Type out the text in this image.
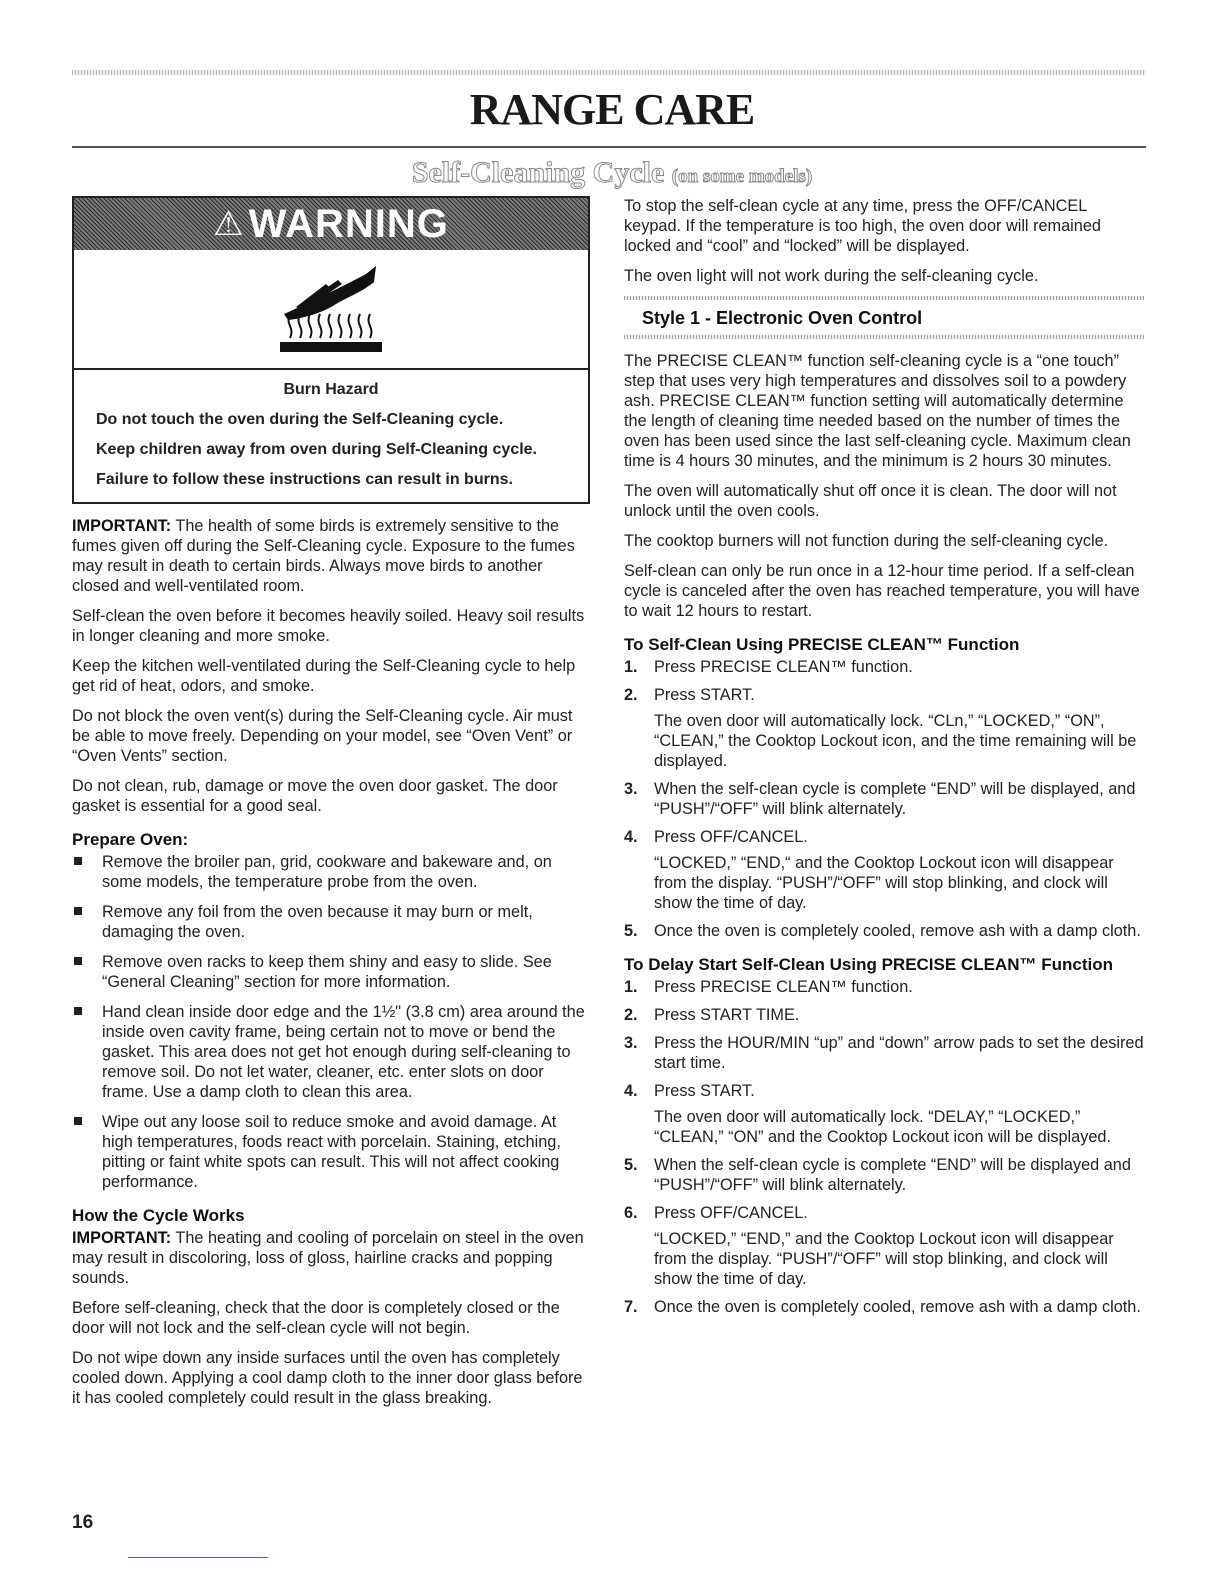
RANGE CARE
Self-Cleaning Cycle (on some models)
⚠ WARNING

Burn Hazard

Do not touch the oven during the Self-Cleaning cycle.

Keep children away from oven during Self-Cleaning cycle.

Failure to follow these instructions can result in burns.

IMPORTANT: The health of some birds is extremely sensitive to the fumes given off during the Self-Cleaning cycle. Exposure to the fumes may result in death to certain birds. Always move birds to another closed and well-ventilated room.

Self-clean the oven before it becomes heavily soiled. Heavy soil results in longer cleaning and more smoke.

Keep the kitchen well-ventilated during the Self-Cleaning cycle to help get rid of heat, odors, and smoke.

Do not block the oven vent(s) during the Self-Cleaning cycle. Air must be able to move freely. Depending on your model, see “Oven Vent” or “Oven Vents” section.

Do not clean, rub, damage or move the oven door gasket. The door gasket is essential for a good seal.

Prepare Oven:
Remove the broiler pan, grid, cookware and bakeware and, on some models, the temperature probe from the oven.
Remove any foil from the oven because it may burn or melt, damaging the oven.
Remove oven racks to keep them shiny and easy to slide. See “General Cleaning” section for more information.
Hand clean inside door edge and the 1½" (3.8 cm) area around the inside oven cavity frame, being certain not to move or bend the gasket. This area does not get hot enough during self-cleaning to remove soil. Do not let water, cleaner, etc. enter slots on door frame. Use a damp cloth to clean this area.
Wipe out any loose soil to reduce smoke and avoid damage. At high temperatures, foods react with porcelain. Staining, etching, pitting or faint white spots can result. This will not affect cooking performance.
How the Cycle Works

IMPORTANT: The heating and cooling of porcelain on steel in the oven may result in discoloring, loss of gloss, hairline cracks and popping sounds.

Before self-cleaning, check that the door is completely closed or the door will not lock and the self-clean cycle will not begin.

Do not wipe down any inside surfaces until the oven has completely cooled down. Applying a cool damp cloth to the inner door glass before it has cooled completely could result in the glass breaking.

To stop the self-clean cycle at any time, press the OFF/CANCEL keypad. If the temperature is too high, the oven door will remained locked and “cool” and “locked” will be displayed.

The oven light will not work during the self-cleaning cycle.

Style 1 - Electronic Oven Control

The PRECISE CLEAN™ function self-cleaning cycle is a “one touch” step that uses very high temperatures and dissolves soil to a powdery ash. PRECISE CLEAN™ function setting will automatically determine the length of cleaning time needed based on the number of times the oven has been used since the last self-cleaning cycle. Maximum clean time is 4 hours 30 minutes, and the minimum is 2 hours 30 minutes.

The oven will automatically shut off once it is clean. The door will not unlock until the oven cools.

The cooktop burners will not function during the self-cleaning cycle.

Self-clean can only be run once in a 12-hour time period. If a self-clean cycle is canceled after the oven has reached temperature, you will have to wait 12 hours to restart.

To Self-Clean Using PRECISE CLEAN™ Function
1. Press PRECISE CLEAN™ function.
2. Press START.
The oven door will automatically lock. “CLn,” “LOCKED,” “ON”, “CLEAN,” the Cooktop Lockout icon, and the time remaining will be displayed.
3. When the self-clean cycle is complete “END” will be displayed, and “PUSH”/“OFF” will blink alternately.
4. Press OFF/CANCEL.
“LOCKED,” “END,“ and the Cooktop Lockout icon will disappear from the display. “PUSH”/“OFF” will stop blinking, and clock will show the time of day.
5. Once the oven is completely cooled, remove ash with a damp cloth.
To Delay Start Self-Clean Using PRECISE CLEAN™ Function
1. Press PRECISE CLEAN™ function.
2. Press START TIME.
3. Press the HOUR/MIN “up” and “down” arrow pads to set the desired start time.
4. Press START.
The oven door will automatically lock. “DELAY,” “LOCKED,” “CLEAN,” “ON” and the Cooktop Lockout icon will be displayed.
5. When the self-clean cycle is complete “END” will be displayed and “PUSH”/“OFF” will blink alternately.
6. Press OFF/CANCEL.
“LOCKED,” “END,” and the Cooktop Lockout icon will disappear from the display. “PUSH”/“OFF” will stop blinking, and clock will show the time of day.
7. Once the oven is completely cooled, remove ash with a damp cloth.
16
